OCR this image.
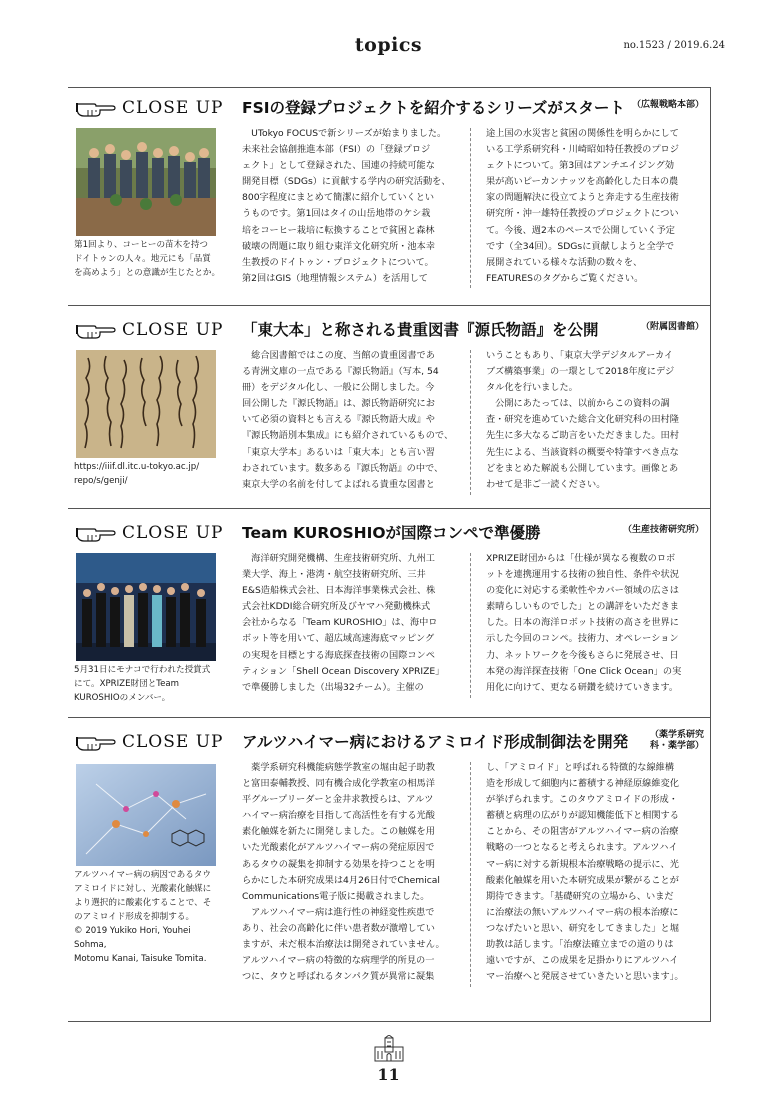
topics	no.1523 / 2019.6.24
CLOSE UP FSIの登録プロジェクトを紹介するシリーズがスタート （広報戦略本部）
第1回より、コーヒーの苗木を持つ
ドイトゥンの人々。地元にも「品質
を高めよう」との意識が生じたとか。
　UTokyo FOCUSで新シリーズが始まりました。
未来社会協創推進本部（FSI）の「登録プロジ
ェクト」として登録された、国連の持続可能な
開発目標（SDGs）に貢献する学内の研究活動を、
800字程度にまとめて簡潔に紹介していくとい
うものです。第1回はタイの山岳地帯のケシ栽
培をコーヒー栽培に転換することで貧困と森林
破壊の問題に取り組む東洋文化研究所・池本幸
生教授のドイトゥン・プロジェクトについて。
第2回はGIS（地理情報システム）を活用して
途上国の水災害と貧困の関係性を明らかにして
いる工学系研究科・川崎昭如特任教授のプロジ
ェクトについて。第3回はアンチエイジング効
果が高いピーカンナッツを高齢化した日本の農
家の問題解決に役立てようと奔走する生産技術
研究所・沖一雄特任教授のプロジェクトについ
て。今後、週2本のペースで公開していく予定
です（全34回）。SDGsに貢献しようと全学で
展開されている様々な活動の数々を、
FEATURESのタグからご覧ください。
CLOSE UP 「東大本」と称される貴重図書『源氏物語』を公開	（附属図書館）
https://iiif.dl.itc.u-tokyo.ac.jp/
repo/s/genji/
　総合図書館ではこの度、当館の貴重図書であ
る青洲文庫の一点である『源氏物語』（写本, 54
冊）をデジタル化し、一般に公開しました。今
回公開した『源氏物語』は、源氏物語研究にお
いて必須の資料とも言える『源氏物語大成』や
『源氏物語別本集成』にも紹介されているもので、
「東京大学本」あるいは「東大本」とも言い習
わされています。数多ある『源氏物語』の中で、
東京大学の名前を付してよばれる貴重な図書と
いうこともあり、「東京大学デジタルアーカイ
ブズ構築事業」の一環として2018年度にデジ
タル化を行いました。
　公開にあたっては、以前からこの資料の調
査・研究を進めていた総合文化研究科の田村隆
先生に多大なるご助言をいただきました。田村
先生による、当該資料の概要や特筆すべき点な
どをまとめた解説も公開しています。画像とあ
わせて是非ご一読ください。
CLOSE UP Team KUROSHIOが国際コンペで準優勝	（生産技術研究所）
5月31日にモナコで行われた授賞式
にて。XPRIZE財団とTeam
KUROSHIOのメンバー。
　海洋研究開発機構、生産技術研究所、九州工
業大学、海上・港湾・航空技術研究所、三井
E&S造船株式会社、日本海洋事業株式会社、株
式会社KDDI総合研究所及びヤマハ発動機株式
会社からなる「Team KUROSHIO」は、海中ロ
ボット等を用いて、超広域高速海底マッピング
の実現を目標とする海底探査技術の国際コンペ
ティション「Shell Ocean Discovery XPRIZE」
で準優勝しました（出場32チーム）。主催の
XPRIZE財団からは「仕様が異なる複数のロボ
ットを連携運用する技術の独自性、条件や状況
の変化に対応する柔軟性やカバー領域の広さは
素晴らしいものでした」との講評をいただきま
した。日本の海洋ロボット技術の高さを世界に
示した今回のコンペ。技術力、オペレーション
力、ネットワークを今後もさらに発展させ、日
本発の海洋探査技術「One Click Ocean」の実
用化に向けて、更なる研鑽を続けていきます。
CLOSE UP アルツハイマー病におけるアミロイド形成制御法を開発 （薬学系研究
科・薬学部）
アルツハイマー病の病因であるタウ
アミロイドに対し、光酸素化触媒に
より選択的に酸素化することで、そ
のアミロイド形成を抑制する。
© 2019 Yukiko Hori, Youhei Sohma,
Motomu Kanai, Taisuke Tomita.
　薬学系研究科機能病態学教室の堀由起子助教
と富田泰輔教授、同有機合成化学教室の相馬洋
平グループリーダーと金井求教授らは、アルツ
ハイマー病治療を目指して高活性を有する光酸
素化触媒を新たに開発しました。この触媒を用
いた光酸素化がアルツハイマー病の発症原因で
あるタウの凝集を抑制する効果を持つことを明
らかにした本研究成果は4月26日付でChemical
Communications電子版に掲載されました。
　アルツハイマー病は進行性の神経変性疾患で
あり、社会の高齢化に伴い患者数が激増してい
ますが、未だ根本治療法は開発されていません。
アルツハイマー病の特徴的な病理学的所見の一
つに、タウと呼ばれるタンパク質が異常に凝集
し、「アミロイド」と呼ばれる特徴的な線維構
造を形成して細胞内に蓄積する神経原線維変化
が挙げられます。このタウアミロイドの形成・
蓄積と病理の広がりが認知機能低下と相関する
ことから、その阻害がアルツハイマー病の治療
戦略の一つとなると考えられます。アルツハイ
マー病に対する新規根本治療戦略の提示に、光
酸素化触媒を用いた本研究成果が繋がることが
期待できます。「基礎研究の立場から、いまだ
に治療法の無いアルツハイマー病の根本治療に
つなげたいと思い、研究をしてきました」と堀
助教は話します。「治療法確立までの道のりは
遠いですが、この成果を足掛かりにアルツハイ
マー治療へと発展させていきたいと思います」。
11
